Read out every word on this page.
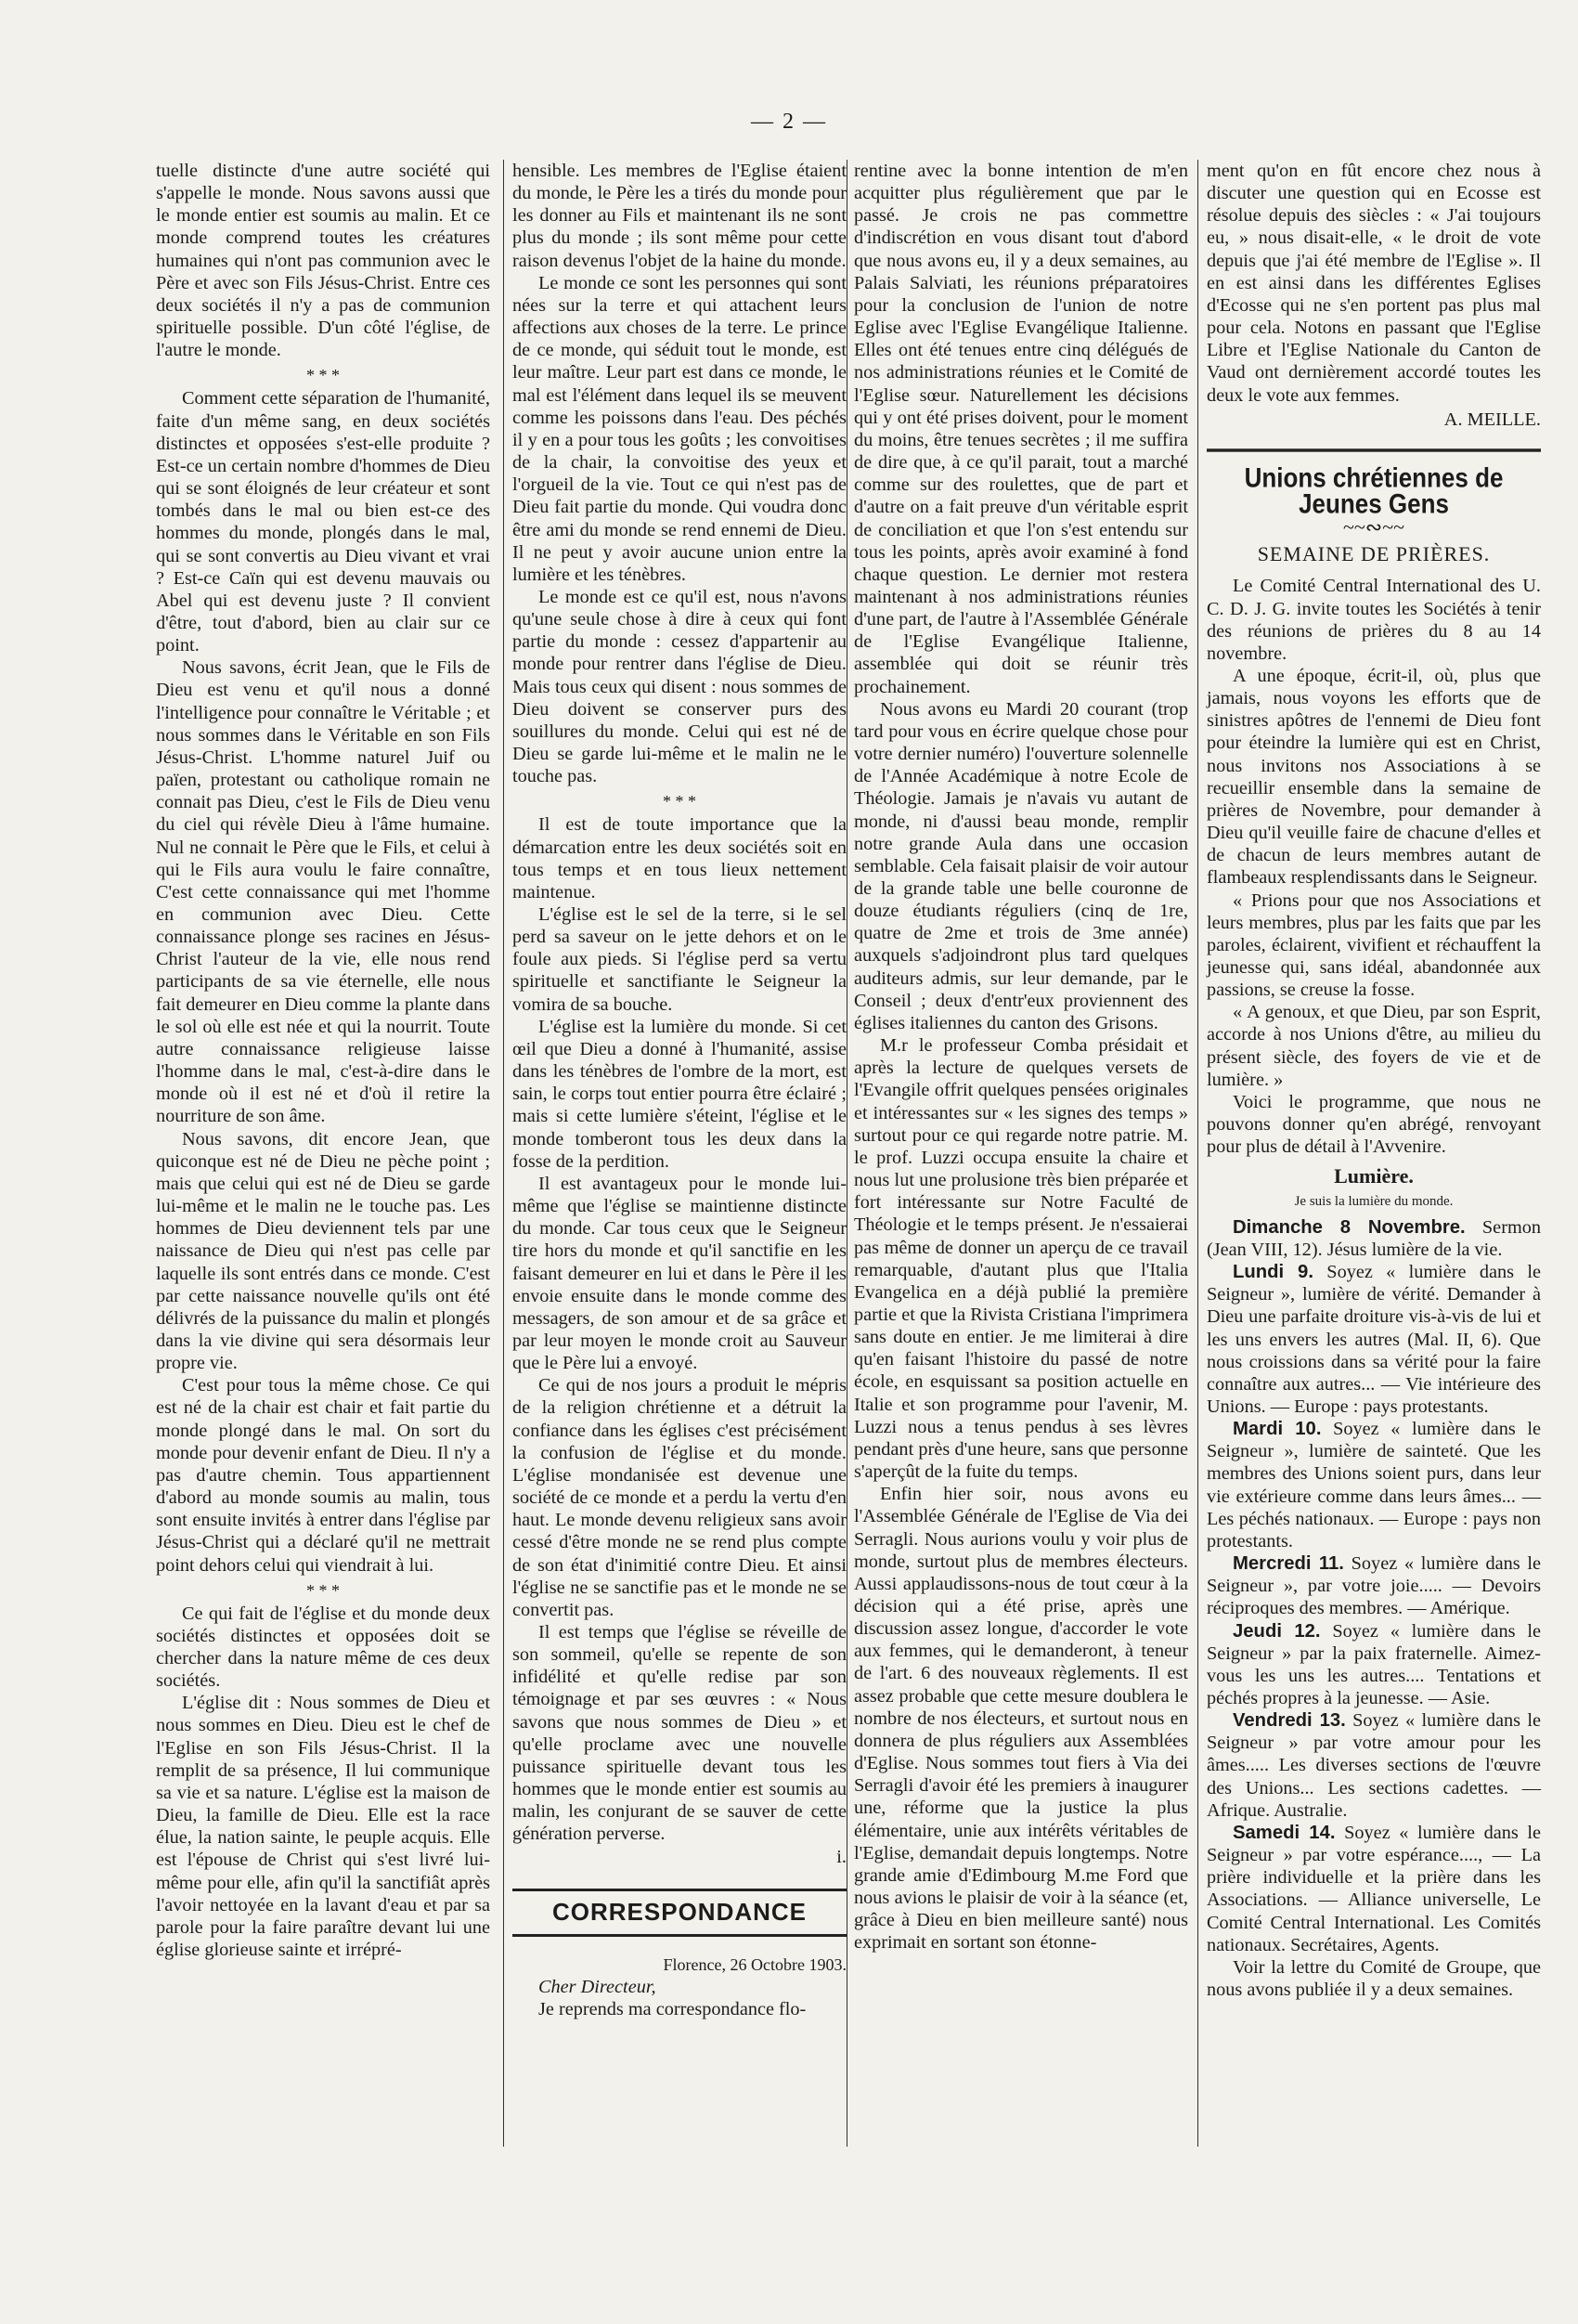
— 2 —

tuelle distincte d'une autre société qui s'appelle le monde. Nous savons aussi que le monde entier est soumis au malin. Et ce monde comprend toutes les créatures humaines qui n'ont pas communion avec le Père et avec son Fils Jésus-Christ. Entre ces deux sociétés il n'y a pas de communion spirituelle possible. D'un côté l'église, de l'autre le monde.

* * *

Comment cette séparation de l'humanité, faite d'un même sang, en deux sociétés distinctes et opposées s'est-elle produite ? Est-ce un certain nombre d'hommes de Dieu qui se sont éloignés de leur créateur et sont tombés dans le mal ou bien est-ce des hommes du monde, plongés dans le mal, qui se sont convertis au Dieu vivant et vrai ? Est-ce Caïn qui est devenu mauvais ou Abel qui est devenu juste ? Il convient d'être, tout d'abord, bien au clair sur ce point.

Nous savons, écrit Jean, que le Fils de Dieu est venu et qu'il nous a donné l'intelligence pour connaître le Véritable ; et nous sommes dans le Véritable en son Fils Jésus-Christ. L'homme naturel Juif ou païen, protestant ou catholique romain ne connait pas Dieu, c'est le Fils de Dieu venu du ciel qui révèle Dieu à l'âme humaine. Nul ne connait le Père que le Fils, et celui à qui le Fils aura voulu le faire connaître, C'est cette connaissance qui met l'homme en communion avec Dieu. Cette connaissance plonge ses racines en Jésus-Christ l'auteur de la vie, elle nous rend participants de sa vie éternelle, elle nous fait demeurer en Dieu comme la plante dans le sol où elle est née et qui la nourrit. Toute autre connaissance religieuse laisse l'homme dans le mal, c'est-à-dire dans le monde où il est né et d'où il retire la nourriture de son âme.

Nous savons, dit encore Jean, que quiconque est né de Dieu ne pèche point ; mais que celui qui est né de Dieu se garde lui-même et le malin ne le touche pas. Les hommes de Dieu deviennent tels par une naissance de Dieu qui n'est pas celle par laquelle ils sont entrés dans ce monde. C'est par cette naissance nouvelle qu'ils ont été délivrés de la puissance du malin et plongés dans la vie divine qui sera désormais leur propre vie.

C'est pour tous la même chose. Ce qui est né de la chair est chair et fait partie du monde plongé dans le mal. On sort du monde pour devenir enfant de Dieu. Il n'y a pas d'autre chemin. Tous appartiennent d'abord au monde soumis au malin, tous sont ensuite invités à entrer dans l'église par Jésus-Christ qui a déclaré qu'il ne mettrait point dehors celui qui viendrait à lui.

* * *

Ce qui fait de l'église et du monde deux sociétés distinctes et opposées doit se chercher dans la nature même de ces deux sociétés.

L'église dit : Nous sommes de Dieu et nous sommes en Dieu. Dieu est le chef de l'Eglise en son Fils Jésus-Christ. Il la remplit de sa présence, Il lui communique sa vie et sa nature. L'église est la maison de Dieu, la famille de Dieu. Elle est la race élue, la nation sainte, le peuple acquis. Elle est l'épouse de Christ qui s'est livré lui-même pour elle, afin qu'il la sanctifiât après l'avoir nettoyée en la lavant d'eau et par sa parole pour la faire paraître devant lui une église glorieuse sainte et irrépré-

hensible. Les membres de l'Eglise étaient du monde, le Père les a tirés du monde pour les donner au Fils et maintenant ils ne sont plus du monde ; ils sont même pour cette raison devenus l'objet de la haine du monde.

Le monde ce sont les personnes qui sont nées sur la terre et qui attachent leurs affections aux choses de la terre. Le prince de ce monde, qui séduit tout le monde, est leur maître. Leur part est dans ce monde, le mal est l'élément dans lequel ils se meuvent comme les poissons dans l'eau. Des péchés il y en a pour tous les goûts ; les convoitises de la chair, la convoitise des yeux et l'orgueil de la vie. Tout ce qui n'est pas de Dieu fait partie du monde. Qui voudra donc être ami du monde se rend ennemi de Dieu. Il ne peut y avoir aucune union entre la lumière et les ténèbres.

Le monde est ce qu'il est, nous n'avons qu'une seule chose à dire à ceux qui font partie du monde : cessez d'appartenir au monde pour rentrer dans l'église de Dieu. Mais tous ceux qui disent : nous sommes de Dieu doivent se conserver purs des souillures du monde. Celui qui est né de Dieu se garde lui-même et le malin ne le touche pas.

* * *

Il est de toute importance que la démarcation entre les deux sociétés soit en tous temps et en tous lieux nettement maintenue.

L'église est le sel de la terre, si le sel perd sa saveur on le jette dehors et on le foule aux pieds. Si l'église perd sa vertu spirituelle et sanctifiante le Seigneur la vomira de sa bouche.

L'église est la lumière du monde. Si cet œil que Dieu a donné à l'humanité, assise dans les ténèbres de l'ombre de la mort, est sain, le corps tout entier pourra être éclairé ; mais si cette lumière s'éteint, l'église et le monde tomberont tous les deux dans la fosse de la perdition.

Il est avantageux pour le monde lui-même que l'église se maintienne distincte du monde. Car tous ceux que le Seigneur tire hors du monde et qu'il sanctifie en les faisant demeurer en lui et dans le Père il les envoie ensuite dans le monde comme des messagers, de son amour et de sa grâce et par leur moyen le monde croit au Sauveur que le Père lui a envoyé.

Ce qui de nos jours a produit le mépris de la religion chrétienne et a détruit la confiance dans les églises c'est précisément la confusion de l'église et du monde. L'église mondanisée est devenue une société de ce monde et a perdu la vertu d'en haut. Le monde devenu religieux sans avoir cessé d'être monde ne se rend plus compte de son état d'inimitié contre Dieu. Et ainsi l'église ne se sanctifie pas et le monde ne se convertit pas.

Il est temps que l'église se réveille de son sommeil, qu'elle se repente de son infidélité et qu'elle redise par son témoignage et par ses œuvres : « Nous savons que nous sommes de Dieu » et qu'elle proclame avec une nouvelle puissance spirituelle devant tous les hommes que le monde entier est soumis au malin, les conjurant de se sauver de cette génération perverse.

i.
CORRESPONDANCE
Florence, 26 Octobre 1903.

Cher Directeur,

Je reprends ma correspondance flo-

rentine avec la bonne intention de m'en acquitter plus régulièrement que par le passé. Je crois ne pas commettre d'indiscrétion en vous disant tout d'abord que nous avons eu, il y a deux semaines, au Palais Salviati, les réunions préparatoires pour la conclusion de l'union de notre Eglise avec l'Eglise Evangélique Italienne. Elles ont été tenues entre cinq délégués de nos administrations réunies et le Comité de l'Eglise sœur. Naturellement les décisions qui y ont été prises doivent, pour le moment du moins, être tenues secrètes ; il me suffira de dire que, à ce qu'il parait, tout a marché comme sur des roulettes, que de part et d'autre on a fait preuve d'un véritable esprit de conciliation et que l'on s'est entendu sur tous les points, après avoir examiné à fond chaque question. Le dernier mot restera maintenant à nos administrations réunies d'une part, de l'autre à l'Assemblée Générale de l'Eglise Evangélique Italienne, assemblée qui doit se réunir très prochainement.

Nous avons eu Mardi 20 courant (trop tard pour vous en écrire quelque chose pour votre dernier numéro) l'ouverture solennelle de l'Année Académique à notre Ecole de Théologie. Jamais je n'avais vu autant de monde, ni d'aussi beau monde, remplir notre grande Aula dans une occasion semblable. Cela faisait plaisir de voir autour de la grande table une belle couronne de douze étudiants réguliers (cinq de 1re, quatre de 2me et trois de 3me année) auxquels s'adjoindront plus tard quelques auditeurs admis, sur leur demande, par le Conseil ; deux d'entr'eux proviennent des églises italiennes du canton des Grisons.

M.r le professeur Comba présidait et après la lecture de quelques versets de l'Evangile offrit quelques pensées originales et intéressantes sur « les signes des temps » surtout pour ce qui regarde notre patrie. M. le prof. Luzzi occupa ensuite la chaire et nous lut une prolusione très bien préparée et fort intéressante sur Notre Faculté de Théologie et le temps présent. Je n'essaierai pas même de donner un aperçu de ce travail remarquable, d'autant plus que l'Italia Evangelica en a déjà publié la première partie et que la Rivista Cristiana l'imprimera sans doute en entier. Je me limiterai à dire qu'en faisant l'histoire du passé de notre école, en esquissant sa position actuelle en Italie et son programme pour l'avenir, M. Luzzi nous a tenus pendus à ses lèvres pendant près d'une heure, sans que personne s'aperçût de la fuite du temps.

Enfin hier soir, nous avons eu l'Assemblée Générale de l'Eglise de Via dei Serragli. Nous aurions voulu y voir plus de monde, surtout plus de membres électeurs. Aussi applaudissons-nous de tout cœur à la décision qui a été prise, après une discussion assez longue, d'accorder le vote aux femmes, qui le demanderont, à teneur de l'art. 6 des nouveaux règlements. Il est assez probable que cette mesure doublera le nombre de nos électeurs, et surtout nous en donnera de plus réguliers aux Assemblées d'Eglise. Nous sommes tout fiers à Via dei Serragli d'avoir été les premiers à inaugurer une, réforme que la justice la plus élémentaire, unie aux intérêts véritables de l'Eglise, demandait depuis longtemps. Notre grande amie d'Edimbourg M.me Ford que nous avions le plaisir de voir à la séance (et, grâce à Dieu en bien meilleure santé) nous exprimait en sortant son étonne-

ment qu'on en fût encore chez nous à discuter une question qui en Ecosse est résolue depuis des siècles : « J'ai toujours eu, » nous disait-elle, « le droit de vote depuis que j'ai été membre de l'Eglise ». Il en est ainsi dans les différentes Eglises d'Ecosse qui ne s'en portent pas plus mal pour cela. Notons en passant que l'Eglise Libre et l'Eglise Nationale du Canton de Vaud ont dernièrement accordé toutes les deux le vote aux femmes.

A. MEILLE.
Unions chrétiennes de Jeunes Gens
~~∾~~
SEMAINE DE PRIÈRES.

Le Comité Central International des U. C. D. J. G. invite toutes les Sociétés à tenir des réunions de prières du 8 au 14 novembre.

A une époque, écrit-il, où, plus que jamais, nous voyons les efforts que de sinistres apôtres de l'ennemi de Dieu font pour éteindre la lumière qui est en Christ, nous invitons nos Associations à se recueillir ensemble dans la semaine de prières de Novembre, pour demander à Dieu qu'il veuille faire de chacune d'elles et de chacun de leurs membres autant de flambeaux resplendissants dans le Seigneur.

« Prions pour que nos Associations et leurs membres, plus par les faits que par les paroles, éclairent, vivifient et réchauffent la jeunesse qui, sans idéal, abandonnée aux passions, se creuse la fosse.

« A genoux, et que Dieu, par son Esprit, accorde à nos Unions d'être, au milieu du présent siècle, des foyers de vie et de lumière. »

Voici le programme, que nous ne pouvons donner qu'en abrégé, renvoyant pour plus de détail à l'Avvenire.

Lumière.
Je suis la lumière du monde.

Dimanche 8 Novembre. Sermon (Jean VIII, 12). Jésus lumière de la vie.

Lundi 9. Soyez « lumière dans le Seigneur », lumière de vérité. Demander à Dieu une parfaite droiture vis-à-vis de lui et les uns envers les autres (Mal. II, 6). Que nous croissions dans sa vérité pour la faire connaître aux autres... — Vie intérieure des Unions. — Europe : pays protestants.

Mardi 10. Soyez « lumière dans le Seigneur », lumière de sainteté. Que les membres des Unions soient purs, dans leur vie extérieure comme dans leurs âmes... — Les péchés nationaux. — Europe : pays non protestants.

Mercredi 11. Soyez « lumière dans le Seigneur », par votre joie..... — Devoirs réciproques des membres. — Amérique.

Jeudi 12. Soyez « lumière dans le Seigneur » par la paix fraternelle. Aimez-vous les uns les autres.... Tentations et péchés propres à la jeunesse. — Asie.

Vendredi 13. Soyez « lumière dans le Seigneur » par votre amour pour les âmes..... Les diverses sections de l'œuvre des Unions... Les sections cadettes. — Afrique. Australie.

Samedi 14. Soyez « lumière dans le Seigneur » par votre espérance...., — La prière individuelle et la prière dans les Associations. — Alliance universelle, Le Comité Central International. Les Comités nationaux. Secrétaires, Agents.

Voir la lettre du Comité de Groupe, que nous avons publiée il y a deux semaines.
